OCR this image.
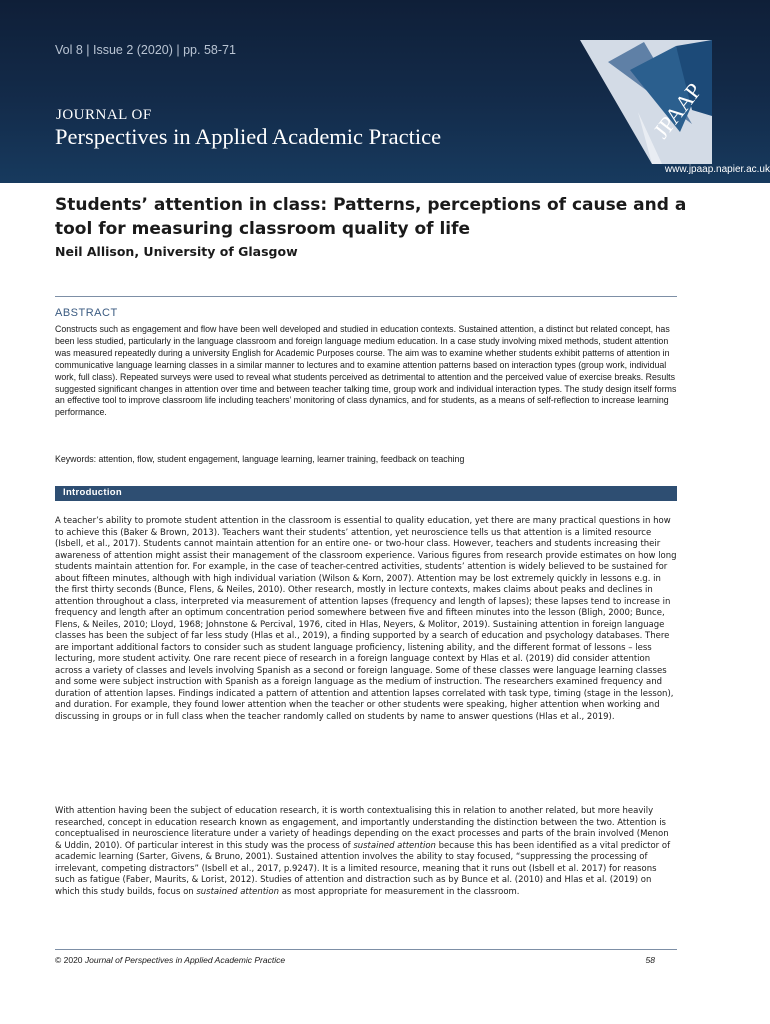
Vol 8 | Issue 2 (2020) | pp. 58-71
JOURNAL OF
Perspectives in Applied Academic Practice	JPAAP
www.jpaap.napier.ac.uk
Students’ attention in class: Patterns, perceptions of cause and a tool for measuring classroom quality of life

Neil Allison, University of Glasgow

ABSTRACT

Constructs such as engagement and flow have been well developed and studied in education contexts. Sustained attention, a distinct but related concept, has been less studied, particularly in the language classroom and foreign language medium education. In a case study involving mixed methods, student attention was measured repeatedly during a university English for Academic Purposes course. The aim was to examine whether students exhibit patterns of attention in communicative language learning classes in a similar manner to lectures and to examine attention patterns based on interaction types (group work, individual work, full class). Repeated surveys were used to reveal what students perceived as detrimental to attention and the perceived value of exercise breaks. Results suggested significant changes in attention over time and between teacher talking time, group work and individual interaction types. The study design itself forms an effective tool to improve classroom life including teachers’ monitoring of class dynamics, and for students, as a means of self-reflection to increase learning performance.

Keywords: attention, flow, student engagement, language learning, learner training, feedback on teaching

Introduction

A teacher’s ability to promote student attention in the classroom is essential to quality education, yet there are many practical questions in how to achieve this (Baker & Brown, 2013). Teachers want their students’ attention, yet neuroscience tells us that attention is a limited resource (Isbell, et al., 2017). Students cannot maintain attention for an entire one- or two-hour class. However, teachers and students increasing their awareness of attention might assist their management of the classroom experience. Various figures from research provide estimates on how long students maintain attention for. For example, in the case of teacher-centred activities, students’ attention is widely believed to be sustained for about fifteen minutes, although with high individual variation (Wilson & Korn, 2007). Attention may be lost extremely quickly in lessons e.g. in the first thirty seconds (Bunce, Flens, & Neiles, 2010). Other research, mostly in lecture contexts, makes claims about peaks and declines in attention throughout a class, interpreted via measurement of attention lapses (frequency and length of lapses); these lapses tend to increase in frequency and length after an optimum concentration period somewhere between five and fifteen minutes into the lesson (Bligh, 2000; Bunce, Flens, & Neiles, 2010; Lloyd, 1968; Johnstone & Percival, 1976, cited in Hlas, Neyers, & Molitor, 2019). Sustaining attention in foreign language classes has been the subject of far less study (Hlas et al., 2019), a finding supported by a search of education and psychology databases. There are important additional factors to consider such as student language proficiency, listening ability, and the different format of lessons – less lecturing, more student activity. One rare recent piece of research in a foreign language context by Hlas et al. (2019) did consider attention across a variety of classes and levels involving Spanish as a second or foreign language. Some of these classes were language learning classes and some were subject instruction with Spanish as a foreign language as the medium of instruction. The researchers examined frequency and duration of attention lapses. Findings indicated a pattern of attention and attention lapses correlated with task type, timing (stage in the lesson), and duration. For example, they found lower attention when the teacher or other students were speaking, higher attention when working and discussing in groups or in full class when the teacher randomly called on students by name to answer questions (Hlas et al., 2019).

With attention having been the subject of education research, it is worth contextualising this in relation to another related, but more heavily researched, concept in education research known as engagement, and importantly understanding the distinction between the two. Attention is conceptualised in neuroscience literature under a variety of headings depending on the exact processes and parts of the brain involved (Menon & Uddin, 2010). Of particular interest in this study was the process of sustained attention because this has been identified as a vital predictor of academic learning (Sarter, Givens, & Bruno, 2001). Sustained attention involves the ability to stay focused, “suppressing the processing of irrelevant, competing distractors” (Isbell et al., 2017, p.9247). It is a limited resource, meaning that it runs out (Isbell et al. 2017) for reasons such as fatigue (Faber, Maurits, & Lorist, 2012). Studies of attention and distraction such as by Bunce et al. (2010) and Hlas et al. (2019) on which this study builds, focus on sustained attention as most appropriate for measurement in the classroom.

© 2020 Journal of Perspectives in Applied Academic Practice	58
